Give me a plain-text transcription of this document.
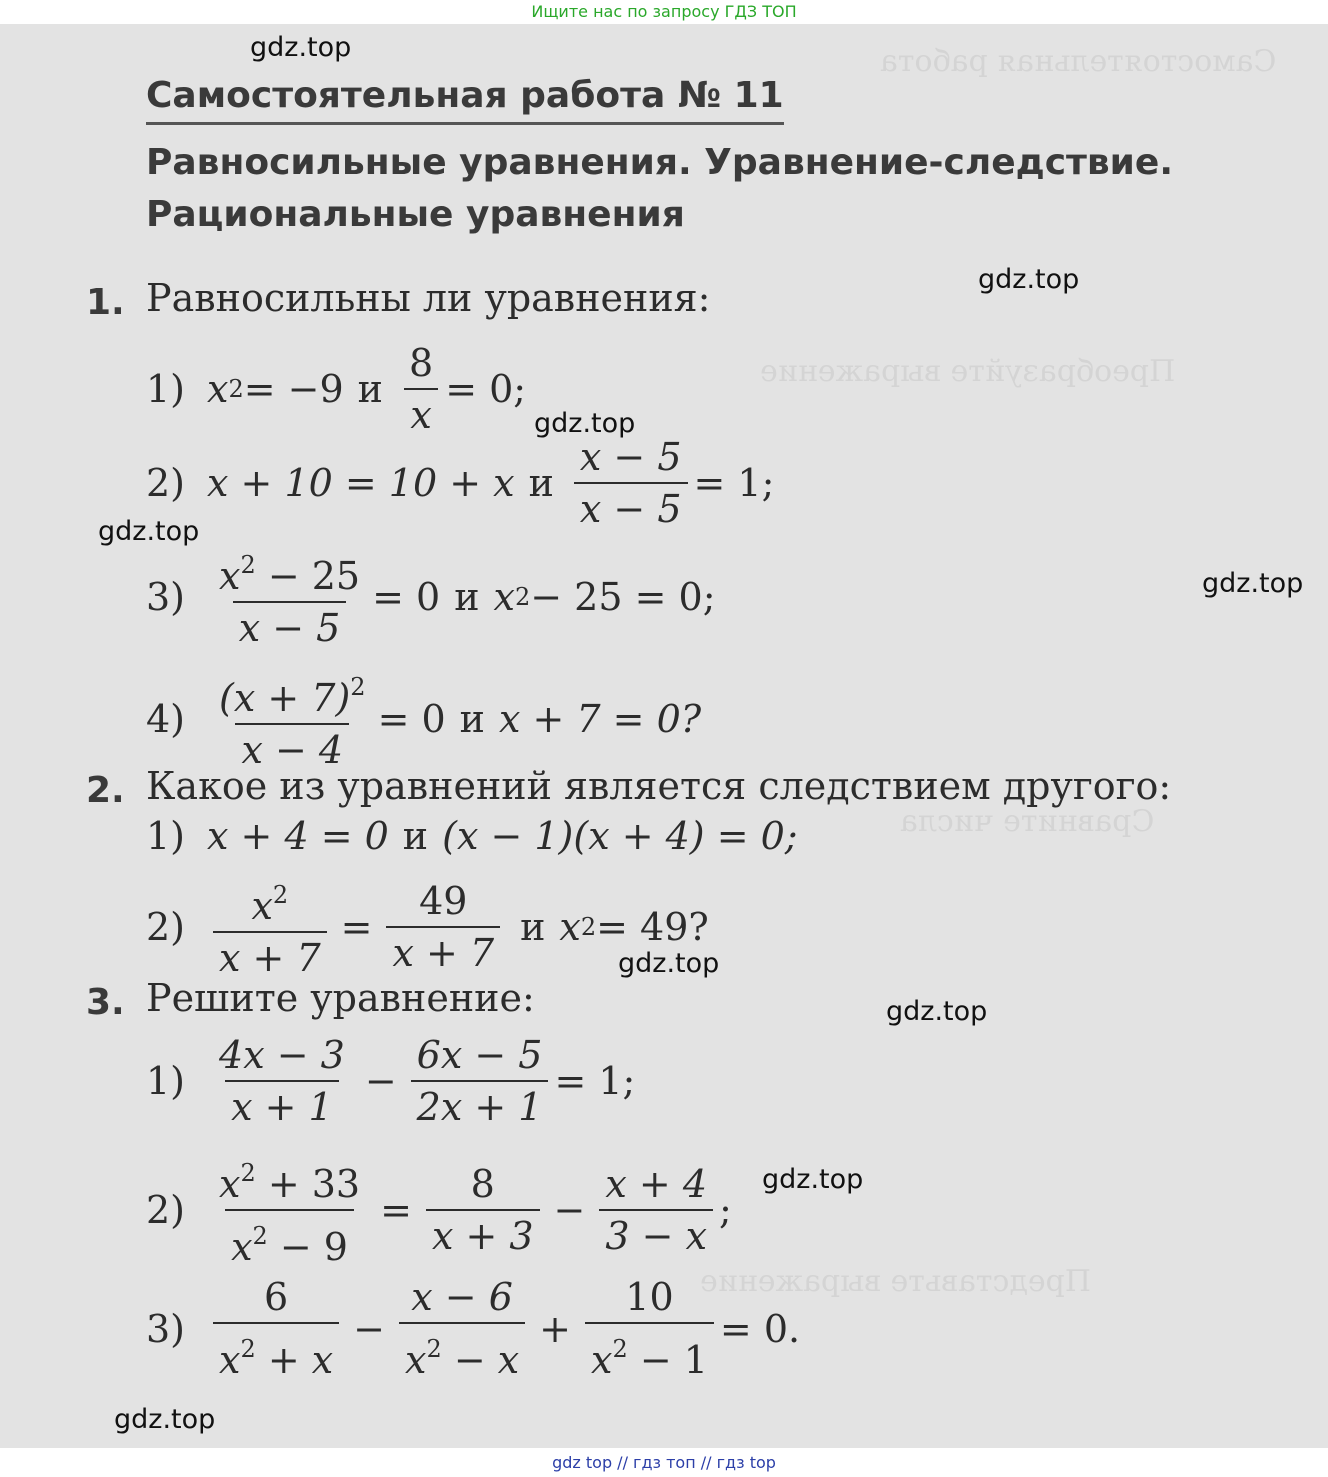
Ищите нас по запросу ГДЗ ТОП
Самостоятельная работа
Преобразуйте выражение
Сравните числа
Представьте выражение
gdz.top
gdz.top
gdz.top
gdz.top
gdz.top
gdz.top
gdz.top
gdz.top
gdz.top
Самостоятельная работа № 11
Равносильные уравнения. Уравнение-следствие. Рациональные уравнения
1. Равносильны ли уравнения:
1) x 2 = −9 и $\frac{8}{x} = 0$;
2) x + 10 = 10 + x и $\frac{x - 5}{x - 5} = 1$;
$3) \frac{x^2 - 25}{x - 5} = 0$ и x 2 − 25 = 0;
$4) \frac{(x + 7)^2}{x - 4} = 0$ и x + 7 = 0?
2. Какое из уравнений является следствием другого:
1) x + 4 = 0 и (x − 1)(x + 4) = 0;
$2) \frac{x^2}{x + 7} = \frac{49}{x + 7}$ и x 2 = 49?
3. Решите уравнение:
$1) \frac{4x - 3}{x + 1} - \frac{6x - 5}{2x + 1} = 1$;
$2) \frac{x^2 + 33}{x^2 - 9} = \frac{8}{x + 3} - \frac{x + 4}{3 - x}$ ;
$3) \frac{6}{x^2 + x} - \frac{x - 6}{x^2 - x} + \frac{10}{x^2 - 1} = 0$.
gdz top // гдз топ // гдз top
